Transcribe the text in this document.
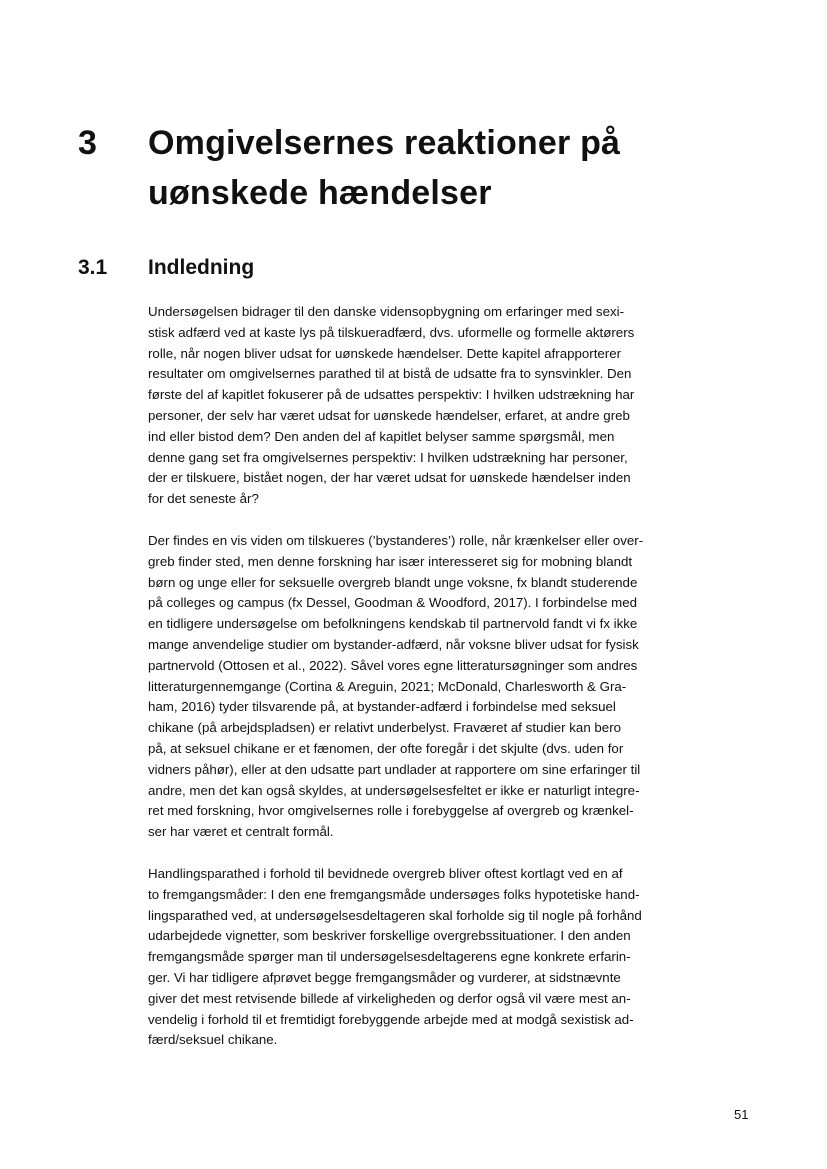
3 Omgivelsernes reaktioner på
uønskede hændelser
3.1 Indledning
Undersøgelsen bidrager til den danske vidensopbygning om erfaringer med sexi-
stisk adfærd ved at kaste lys på tilskueradfærd, dvs. uformelle og formelle aktørers
rolle, når nogen bliver udsat for uønskede hændelser. Dette kapitel afrapporterer
resultater om omgivelsernes parathed til at bistå de udsatte fra to synsvinkler. Den
første del af kapitlet fokuserer på de udsattes perspektiv: I hvilken udstrækning har
personer, der selv har været udsat for uønskede hændelser, erfaret, at andre greb
ind eller bistod dem? Den anden del af kapitlet belyser samme spørgsmål, men
denne gang set fra omgivelsernes perspektiv: I hvilken udstrækning har personer,
der er tilskuere, bistået nogen, der har været udsat for uønskede hændelser inden
for det seneste år?
Der findes en vis viden om tilskueres (’bystanderes’) rolle, når krænkelser eller over-
greb finder sted, men denne forskning har især interesseret sig for mobning blandt
børn og unge eller for seksuelle overgreb blandt unge voksne, fx blandt studerende
på colleges og campus (fx Dessel, Goodman & Woodford, 2017). I forbindelse med
en tidligere undersøgelse om befolkningens kendskab til partnervold fandt vi fx ikke
mange anvendelige studier om bystander-adfærd, når voksne bliver udsat for fysisk
partnervold (Ottosen et al., 2022). Såvel vores egne litteratursøgninger som andres
litteraturgennemgange (Cortina & Areguin, 2021; McDonald, Charlesworth & Gra-
ham, 2016) tyder tilsvarende på, at bystander-adfærd i forbindelse med seksuel
chikane (på arbejdspladsen) er relativt underbelyst. Fraværet af studier kan bero
på, at seksuel chikane er et fænomen, der ofte foregår i det skjulte (dvs. uden for
vidners påhør), eller at den udsatte part undlader at rapportere om sine erfaringer til
andre, men det kan også skyldes, at undersøgelsesfeltet er ikke er naturligt integre-
ret med forskning, hvor omgivelsernes rolle i forebyggelse af overgreb og krænkel-
ser har været et centralt formål.
Handlingsparathed i forhold til bevidnede overgreb bliver oftest kortlagt ved en af
to fremgangsmåder: I den ene fremgangsmåde undersøges folks hypotetiske hand-
lingsparathed ved, at undersøgelsesdeltageren skal forholde sig til nogle på forhånd
udarbejdede vignetter, som beskriver forskellige overgrebssituationer. I den anden
fremgangsmåde spørger man til undersøgelsesdeltagerens egne konkrete erfarin-
ger. Vi har tidligere afprøvet begge fremgangsmåder og vurderer, at sidstnævnte
giver det mest retvisende billede af virkeligheden og derfor også vil være mest an-
vendelig i forhold til et fremtidigt forebyggende arbejde med at modgå sexistisk ad-
færd/seksuel chikane.
51
